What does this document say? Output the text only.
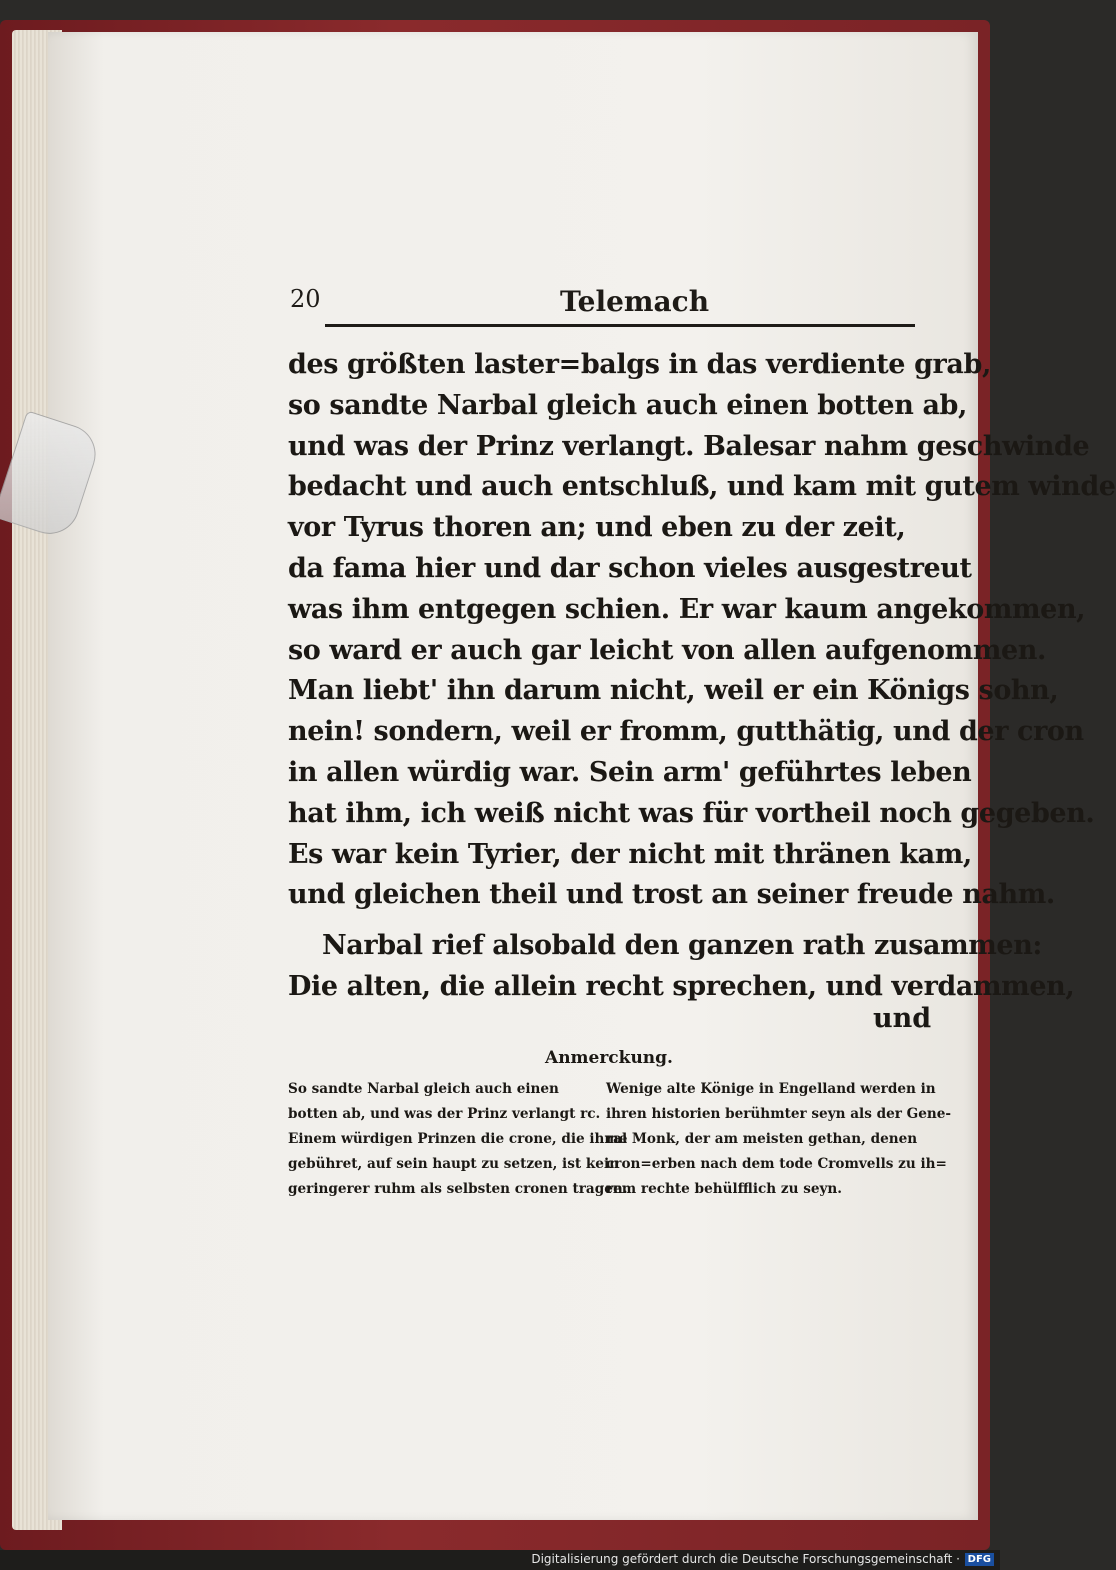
20	Telemach
des größten laster=balgs in das verdiente grab,
so sandte Narbal gleich auch einen botten ab,
und was der Prinz verlangt. Balesar nahm geschwinde
bedacht und auch entschluß, und kam mit gutem winde
vor Tyrus thoren an; und eben zu der zeit,
da fama hier und dar schon vieles ausgestreut
was ihm entgegen schien. Er war kaum angekommen,
so ward er auch gar leicht von allen aufgenommen.
Man liebt' ihn darum nicht, weil er ein Königs sohn,
nein! sondern, weil er fromm, gutthätig, und der cron
in allen würdig war. Sein arm' geführtes leben
hat ihm, ich weiß nicht was für vortheil noch gegeben.
Es war kein Tyrier, der nicht mit thränen kam,
und gleichen theil und trost an seiner freude nahm.
Narbal rief alsobald den ganzen rath zusammen:
Die alten, die allein recht sprechen, und verdammen,
und
Anmerckung.
So sandte Narbal gleich auch einen
botten ab, und was der Prinz verlangt rc.
Einem würdigen Prinzen die crone, die ihme
gebühret, auf sein haupt zu setzen, ist kein
geringerer ruhm als selbsten cronen tragen.
Wenige alte Könige in Engelland werden in
ihren historien berühmter seyn als der Gene-
ral Monk, der am meisten gethan, denen
cron=erben nach dem tode Cromvells zu ih=
rem rechte behülfflich zu seyn.
Digitalisierung gefördert durch die Deutsche Forschungsgemeinschaft · DFG
